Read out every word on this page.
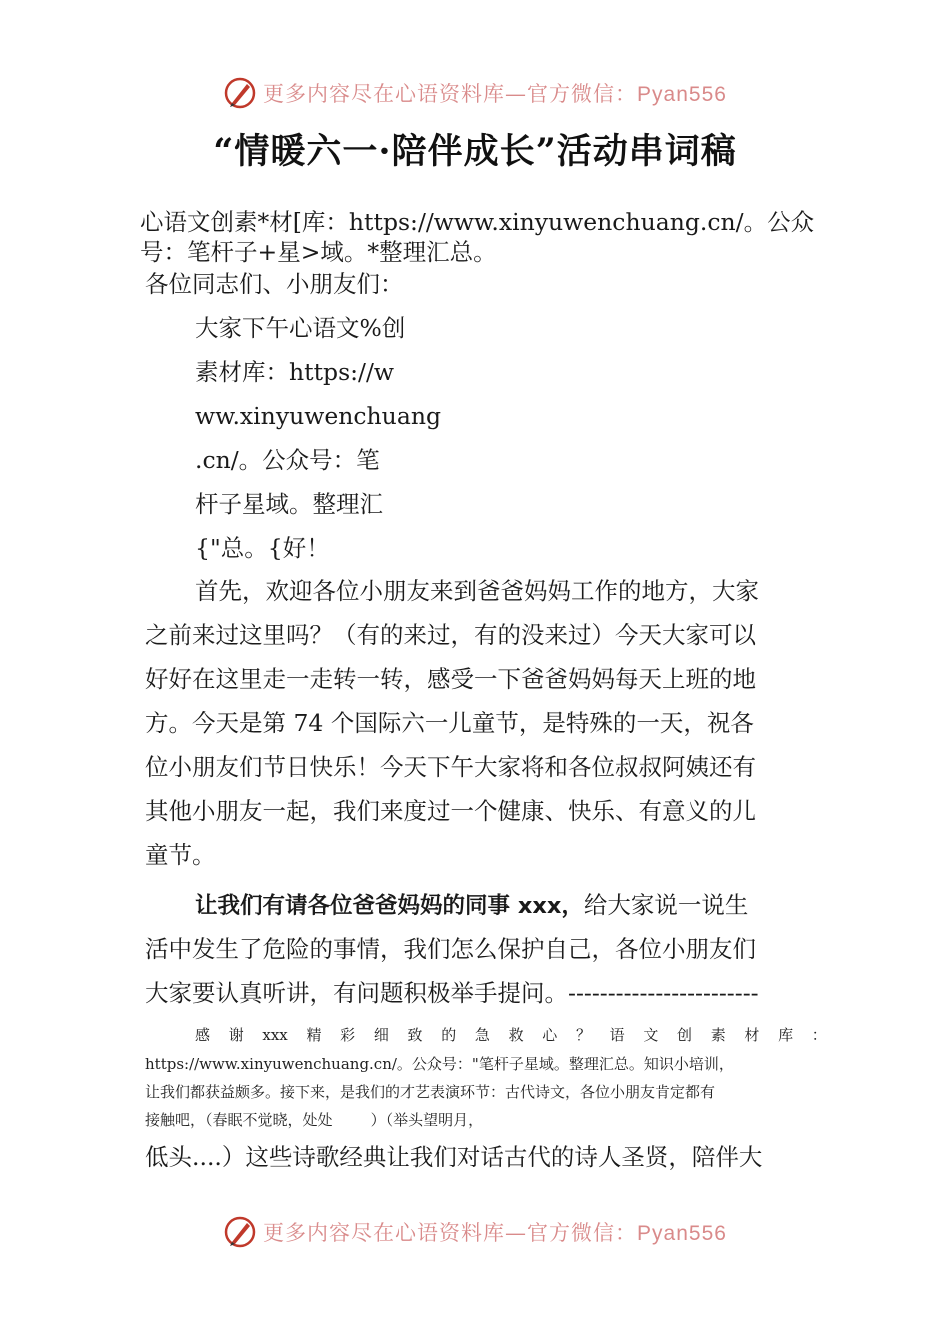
更多内容尽在心语资料库—官方微信：Pyan556
“情暖六一·陪伴成长”活动串词稿
心语文创素*材[库：https://www.xinyuwenchuang.cn/。公众
号：笔杆子+星>域。*整理汇总。
各位同志们、小朋友们：
大家下午心语文%创
素材库：https://w
ww.xinyuwenchuang
.cn/。公众号：笔
杆子星域。整理汇
{"总。{好！
首先，欢迎各位小朋友来到爸爸妈妈工作的地方，大家
之前来过这里吗？（有的来过，有的没来过）今天大家可以
好好在这里走一走转一转，感受一下爸爸妈妈每天上班的地
方。今天是第 74 个国际六一儿童节，是特殊的一天，祝各
位小朋友们节日快乐！今天下午大家将和各位叔叔阿姨还有
其他小朋友一起，我们来度过一个健康、快乐、有意义的儿
童节。
让我们有请各位爸爸妈妈的同事 xxx，给大家说一说生
活中发生了危险的事情，我们怎么保护自己，各位小朋友们
大家要认真听讲，有问题积极举手提问。------------------------
感 谢 xxx 精 彩 细 致 的 急 救 心 ？ 语 文 创 素 材 库 ：
https://www.xinyuwenchuang.cn/。公众号："笔杆子星域。整理汇总。知识小培训，
让我们都获益颇多。接下来，是我们的才艺表演环节：古代诗文，各位小朋友肯定都有
接触吧，（春眠不觉晓，处处        ）（举头望明月，
低头....）这些诗歌经典让我们对话古代的诗人圣贤，陪伴大
更多内容尽在心语资料库—官方微信：Pyan556
